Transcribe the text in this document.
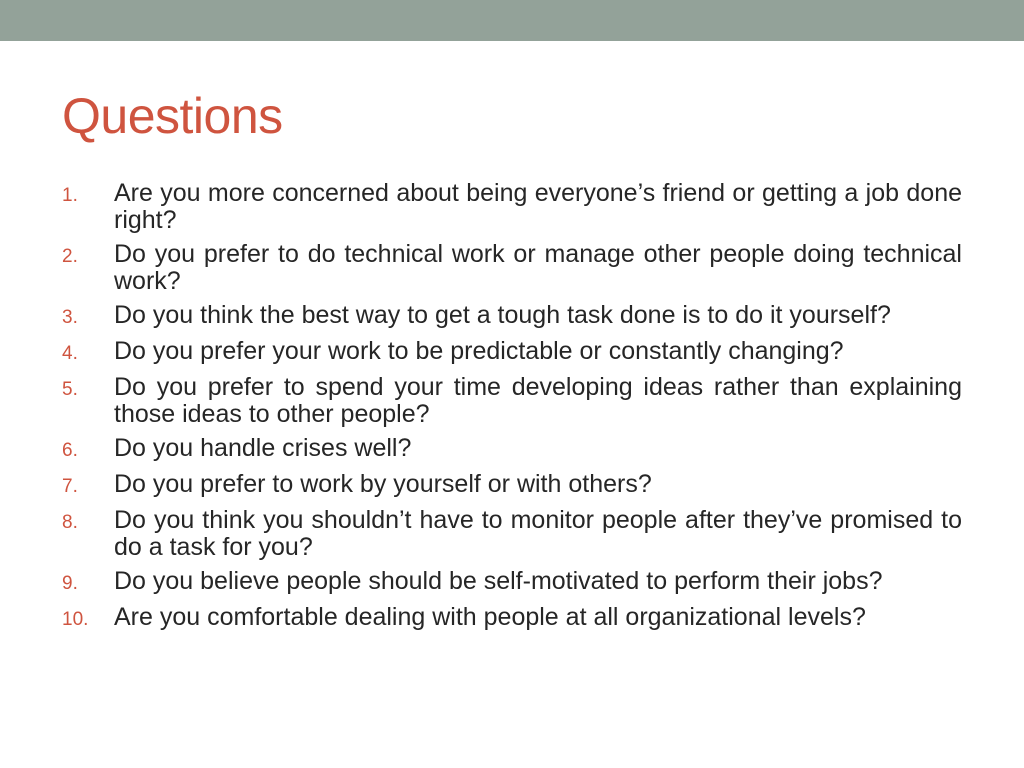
Questions
1.	Are you more concerned about being everyone’s friend or getting a job done right?
2.	Do you prefer to do technical work or manage other people doing technical work?
3.	Do you think the best way to get a tough task done is to do it yourself?
4.	Do you prefer your work to be predictable or constantly changing?
5.	Do you prefer to spend your time developing ideas rather than explaining those ideas to other people?
6.	Do you handle crises well?
7.	Do you prefer to work by yourself or with others?
8.	Do you think you shouldn’t have to monitor people after they’ve promised to do a task for you?
9.	Do you believe people should be self-motivated to perform their jobs?
10.	Are you comfortable dealing with people at all organizational levels?
